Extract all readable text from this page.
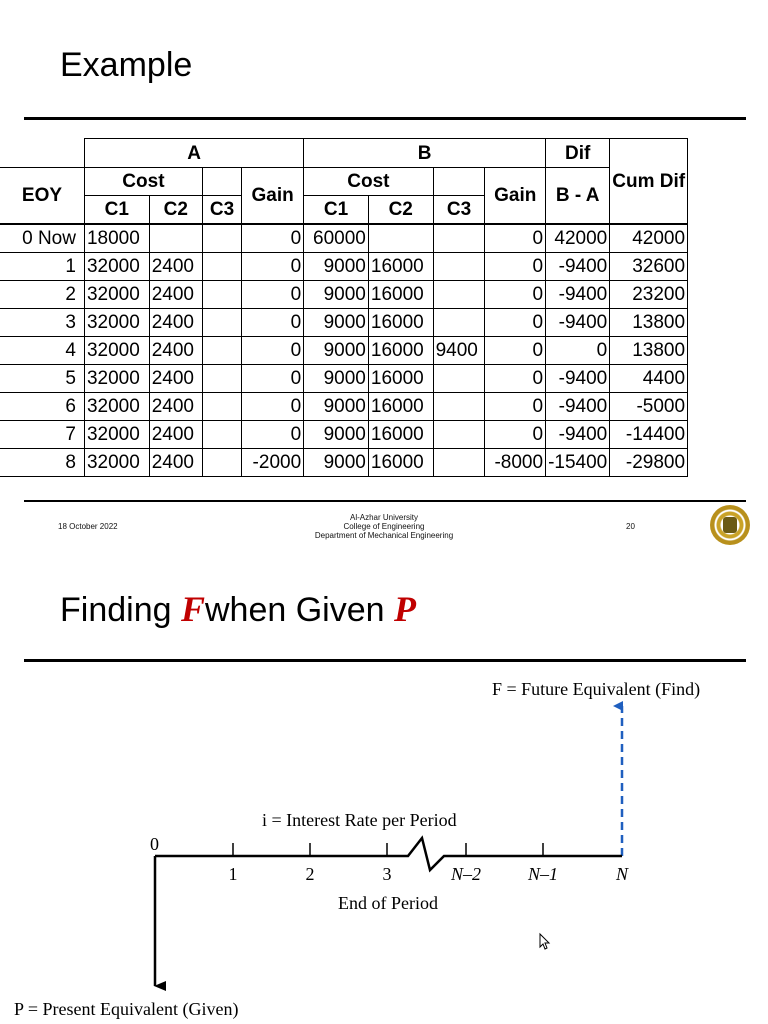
Example
	A				B				Dif	Cum Dif
EOY	Cost			Gain	Cost			Gain	B - A	
	C1	C2	C3		C1	C2	C3			
0 Now	18000			0	60000			0	42000	42000
1	32000	2400		0	9000	16000		0	-9400	32600
2	32000	2400		0	9000	16000		0	-9400	23200
3	32000	2400		0	9000	16000		0	-9400	13800
4	32000	2400		0	9000	16000	9400	0	0	13800
5	32000	2400		0	9000	16000		0	-9400	4400
6	32000	2400		0	9000	16000		0	-9400	-5000
7	32000	2400		0	9000	16000		0	-9400	-14400
8	32000	2400		-2000	9000	16000		-8000	-15400	-29800
18 October 2022
Al-Azhar University
College of Engineering
Department of Mechanical Engineering
20
Finding Fwhen Given P
F = Future Equivalent (Find)
i = Interest Rate per Period
0
1	2	3	N–2	N–1	N
End of Period
P = Present Equivalent (Given)
